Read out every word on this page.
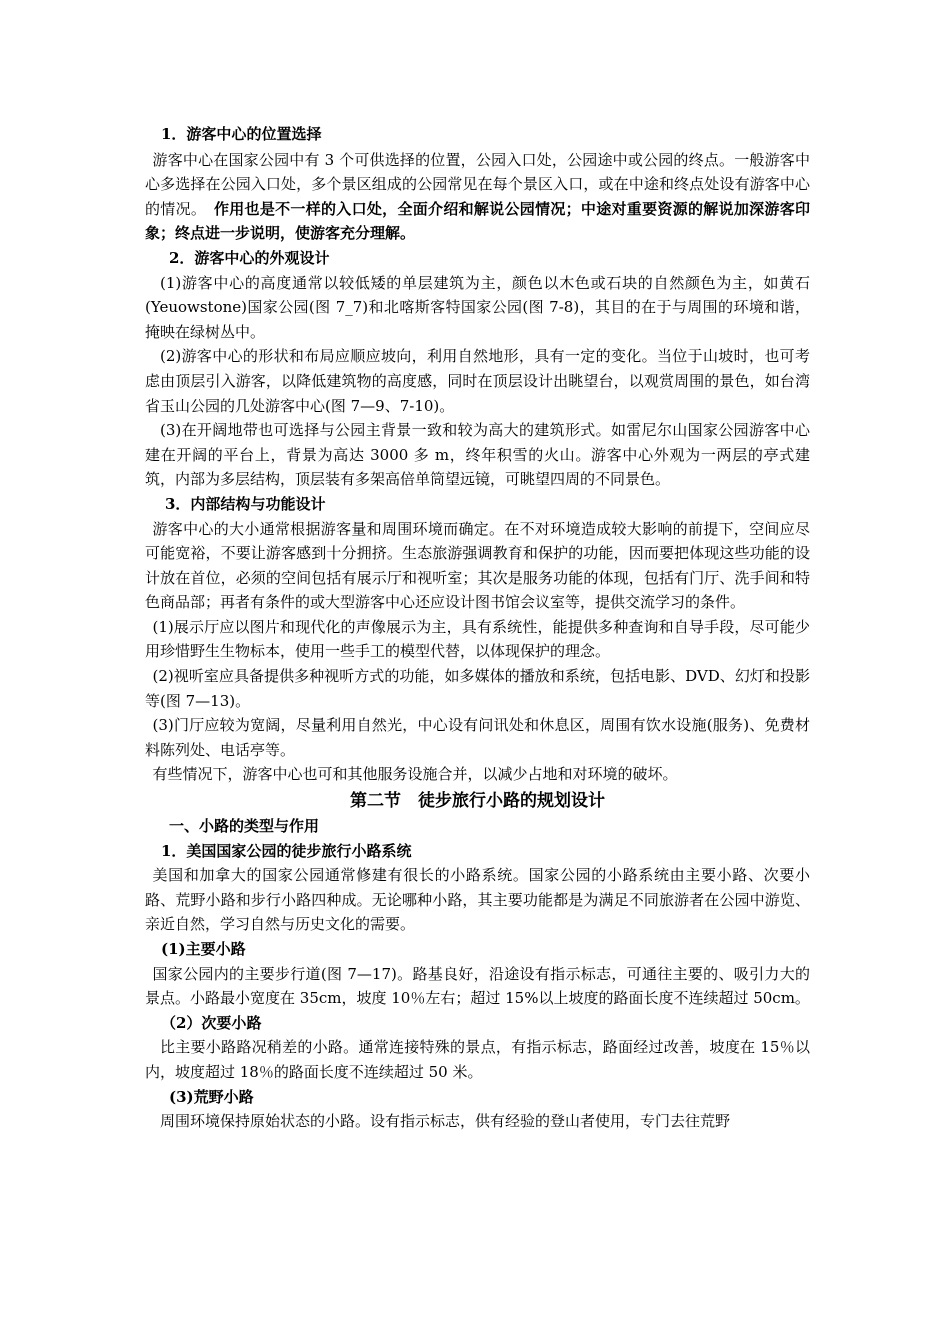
1．游客中心的位置选择

游客中心在国家公园中有 3 个可供选择的位置，公园入口处，公园途中或公园的终点。一般游客中心多选择在公园入口处，多个景区组成的公园常见在每个景区入口，或在中途和终点处设有游客中心的情况。　 作用也是不一样的入口处，全面介绍和解说公园情况；中途对重要资源的解说加深游客印象；终点进一步说明，使游客充分理解。

2．游客中心的外观设计

(1)游客中心的高度通常以较低矮的单层建筑为主，颜色以木色或石块的自然颜色为主，如黄石(Yeuowstone)国家公园(图 7_7)和北喀斯客特国家公园(图 7-8)，其目的在于与周围的环境和谐，掩映在绿树丛中。

(2)游客中心的形状和布局应顺应坡向，利用自然地形，具有一定的变化。当位于山坡时，也可考虑由顶层引入游客，以降低建筑物的高度感，同时在顶层设计出眺望台，以观赏周围的景色，如台湾省玉山公园的几处游客中心(图 7—9、7-10)。

(3)在开阔地带也可选择与公园主背景一致和较为高大的建筑形式。如雷尼尔山国家公园游客中心建在开阔的平台上，背景为高达 3000 多 m，终年积雪的火山。游客中心外观为一两层的亭式建筑，内部为多层结构，顶层装有多架高倍单筒望远镜，可眺望四周的不同景色。

3．内部结构与功能设计

游客中心的大小通常根据游客量和周围环境而确定。在不对环境造成较大影响的前提下，空间应尽可能宽裕，不要让游客感到十分拥挤。生态旅游强调教育和保护的功能，因而要把体现这些功能的设计放在首位，必须的空间包括有展示厅和视听室；其次是服务功能的体现，包括有门厅、洗手间和特色商品部；再者有条件的或大型游客中心还应设计图书馆会议室等，提供交流学习的条件。

(1)展示厅应以图片和现代化的声像展示为主，具有系统性，能提供多种查询和自导手段，尽可能少用珍惜野生生物标本，使用一些手工的模型代替，以体现保护的理念。

(2)视听室应具备提供多种视听方式的功能，如多媒体的播放和系统，包括电影、DVD、幻灯和投影等(图 7—13)。

(3)门厅应较为宽阔，尽量利用自然光，中心设有问讯处和休息区，周围有饮水设施(服务)、免费材料陈列处、电话亭等。

有些情况下，游客中心也可和其他服务设施合并，以减少占地和对环境的破坏。

第二节　徒步旅行小路的规划设计

一、小路的类型与作用

1．美国国家公园的徒步旅行小路系统

美国和加拿大的国家公园通常修建有很长的小路系统。国家公园的小路系统由主要小路、次要小路、荒野小路和步行小路四种成。无论哪种小路，其主要功能都是为满足不同旅游者在公园中游览、亲近自然，学习自然与历史文化的需要。

(1)主要小路

国家公园内的主要步行道(图 7—17)。路基良好，沿途设有指示标志，可通往主要的、吸引力大的景点。小路最小宽度在 35cm，坡度 10％左右；超过 15%以上坡度的路面长度不连续超过 50cm。

（2）次要小路

比主要小路路况稍差的小路。通常连接特殊的景点，有指示标志，路面经过改善，坡度在 15％以内，坡度超过 18％的路面长度不连续超过 50 米。

(3)荒野小路

周围环境保持原始状态的小路。设有指示标志，供有经验的登山者使用，专门去往荒野
